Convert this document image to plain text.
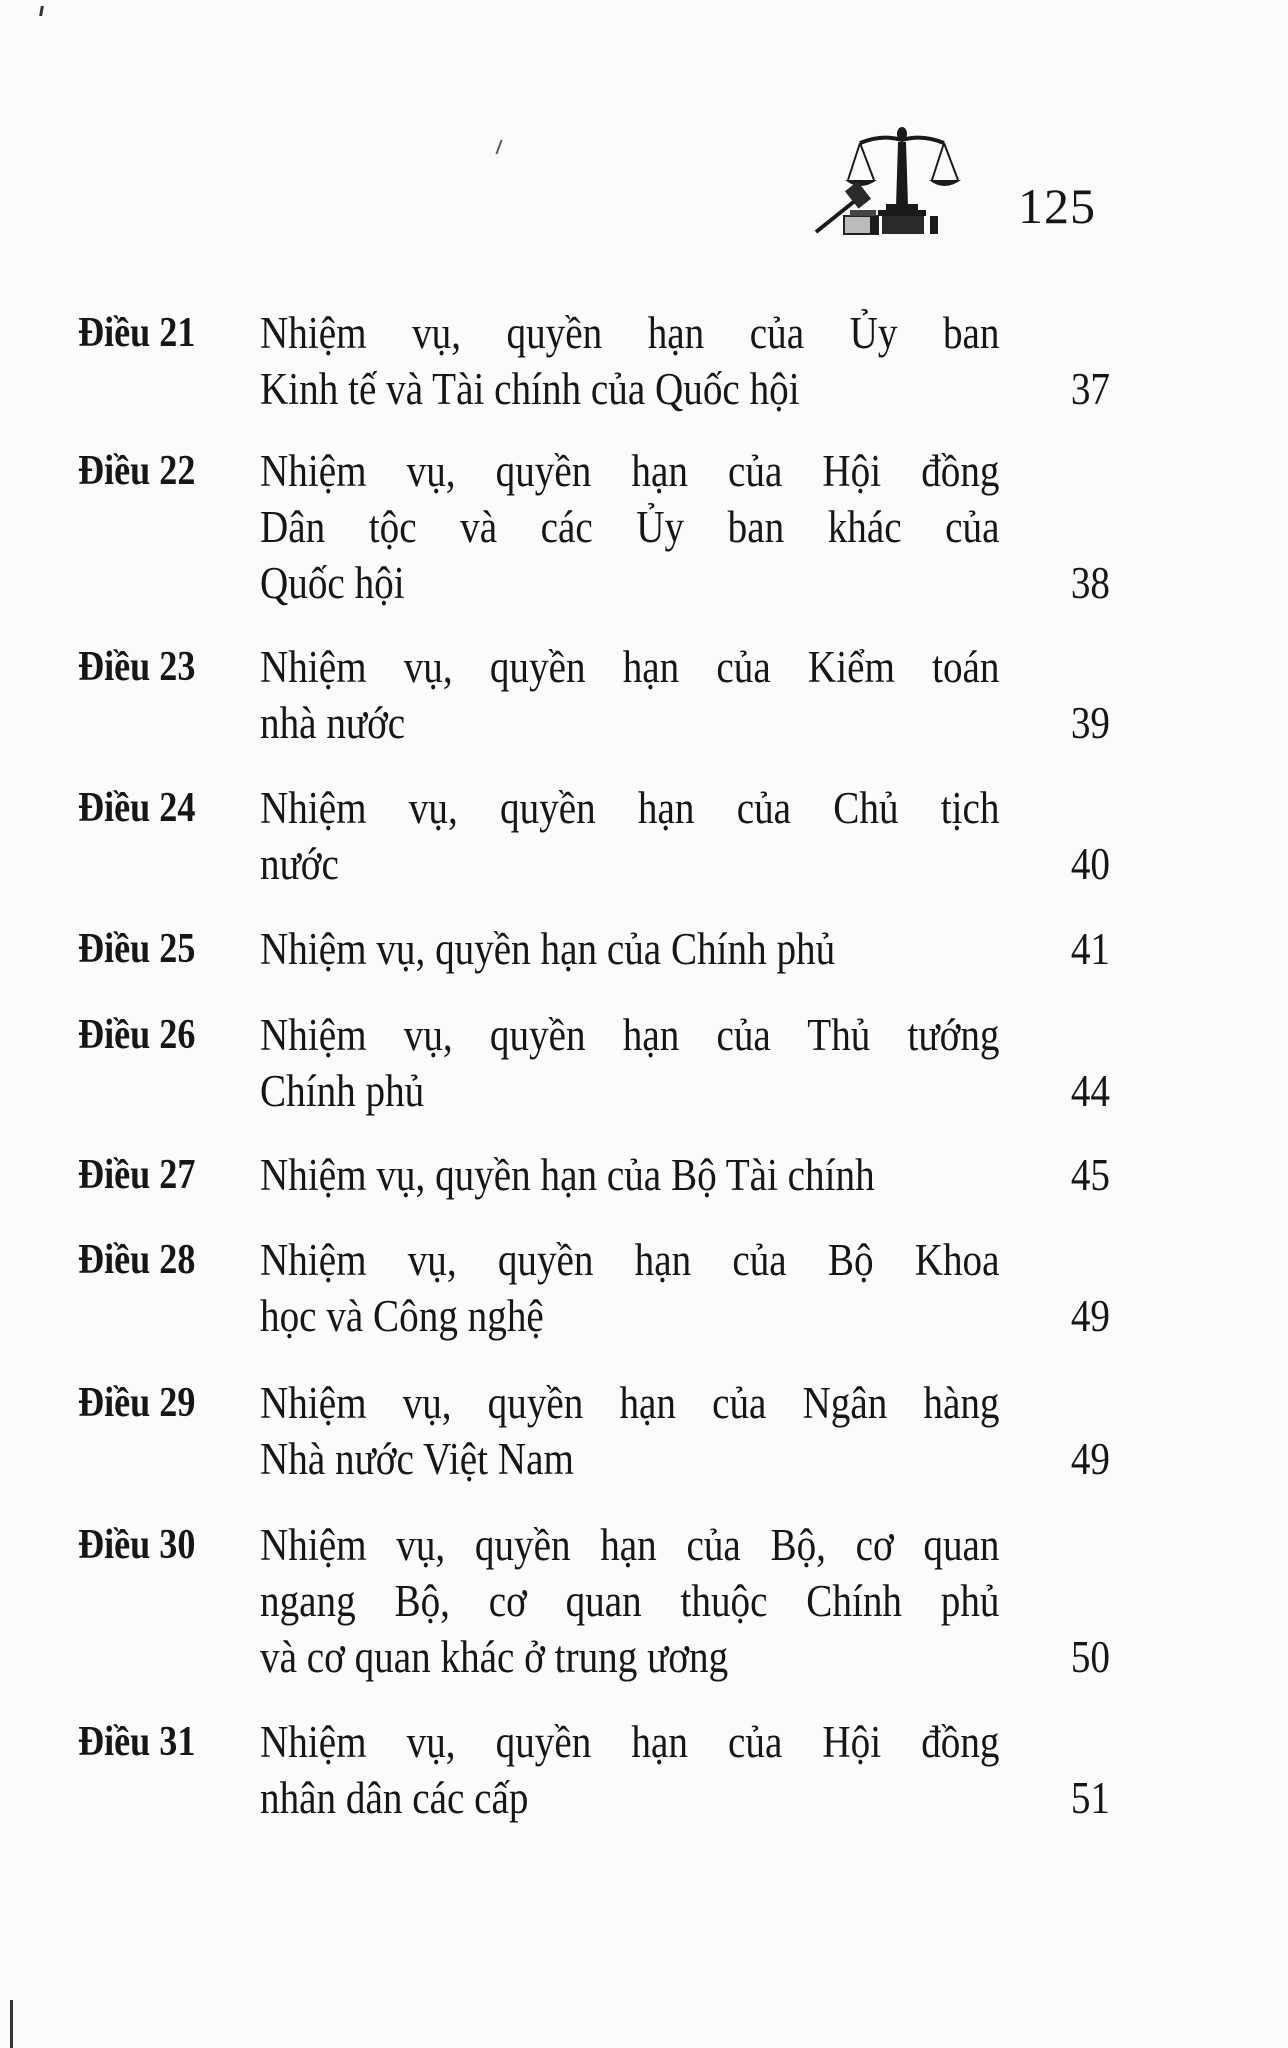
125
Điều 21 Nhiệm vụ, quyền hạn của Ủy ban
Kinh tế và Tài chính của Quốc hội	37
Điều 22 Nhiệm vụ, quyền hạn của Hội đồng
Dân tộc và các Ủy ban khác của
Quốc hội	38
Điều 23 Nhiệm vụ, quyền hạn của Kiểm toán
nhà nước	39
Điều 24 Nhiệm vụ, quyền hạn của Chủ tịch
nước	40
Điều 25 Nhiệm vụ, quyền hạn của Chính phủ	41
Điều 26 Nhiệm vụ, quyền hạn của Thủ tướng
Chính phủ	44
Điều 27 Nhiệm vụ, quyền hạn của Bộ Tài chính	45
Điều 28 Nhiệm vụ, quyền hạn của Bộ Khoa
học và Công nghệ	49
Điều 29 Nhiệm vụ, quyền hạn của Ngân hàng
Nhà nước Việt Nam	49
Điều 30 Nhiệm vụ, quyền hạn của Bộ, cơ quan
ngang Bộ, cơ quan thuộc Chính phủ
và cơ quan khác ở trung ương	50
Điều 31 Nhiệm vụ, quyền hạn của Hội đồng
nhân dân các cấp	51
